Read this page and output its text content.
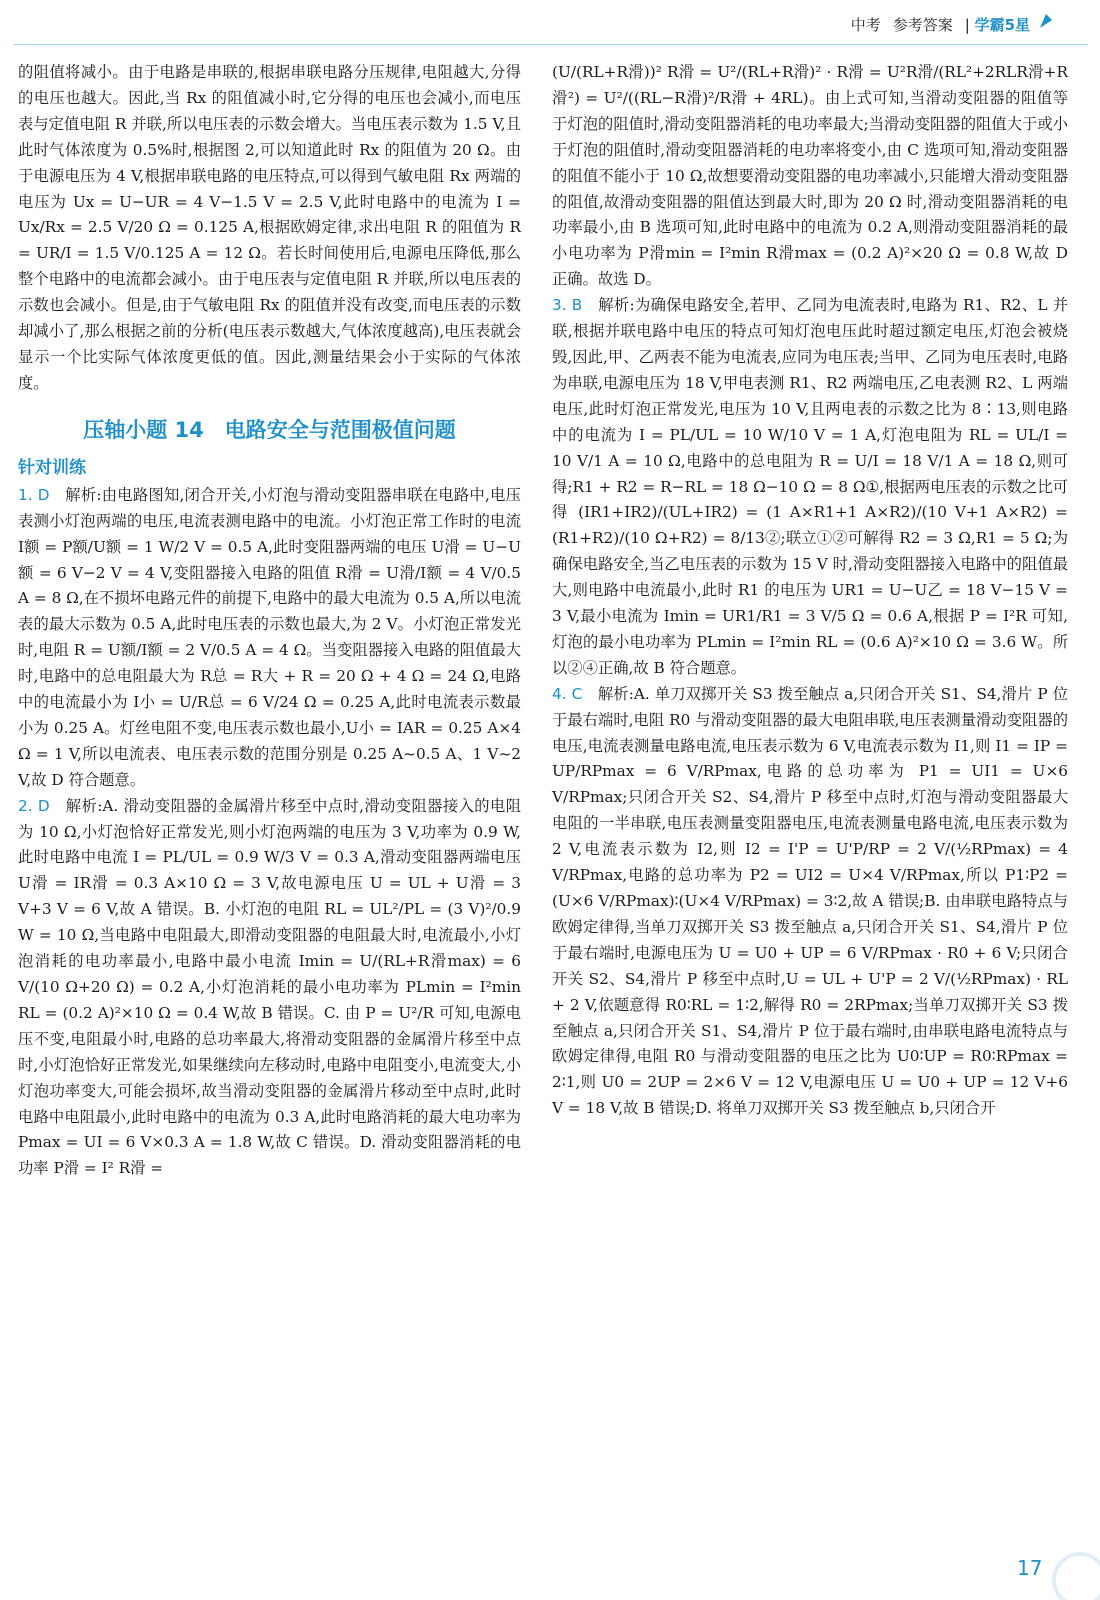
中考 参考答案 | 学霸5星

的阻值将减小。由于电路是串联的,根据串联电路分压规律,电阻越大,分得的电压也越大。因此,当 Rx 的阻值减小时,它分得的电压也会减小,而电压表与定值电阻 R 并联,所以电压表的示数会增大。当电压表示数为 1.5 V,且此时气体浓度为 0.5%时,根据图 2,可以知道此时 Rx 的阻值为 20 Ω。由于电源电压为 4 V,根据串联电路的电压特点,可以得到气敏电阻 Rx 两端的电压为 Ux = U−UR = 4 V−1.5 V = 2.5 V,此时电路中的电流为 I = Ux/Rx = 2.5 V/20 Ω = 0.125 A,根据欧姆定律,求出电阻 R 的阻值为 R = UR/I = 1.5 V/0.125 A = 12 Ω。若长时间使用后,电源电压降低,那么整个电路中的电流都会减小。由于电压表与定值电阻 R 并联,所以电压表的示数也会减小。但是,由于气敏电阻 Rx 的阻值并没有改变,而电压表的示数却减小了,那么根据之前的分析(电压表示数越大,气体浓度越高),电压表就会显示一个比实际气体浓度更低的值。因此,测量结果会小于实际的气体浓度。

压轴小题 14　电路安全与范围极值问题

针对训练

1. D　 解析:由电路图知,闭合开关,小灯泡与滑动变阻器串联在电路中,电压表测小灯泡两端的电压,电流表测电路中的电流。小灯泡正常工作时的电流 I额 = P额/U额 = 1 W/2 V = 0.5 A,此时变阻器两端的电压 U滑 = U−U额 = 6 V−2 V = 4 V,变阻器接入电路的阻值 R滑 = U滑/I额 = 4 V/0.5 A = 8 Ω,在不损坏电路元件的前提下,电路中的最大电流为 0.5 A,所以电流表的最大示数为 0.5 A,此时电压表的示数也最大,为 2 V。小灯泡正常发光时,电阻 R = U额/I额 = 2 V/0.5 A = 4 Ω。当变阻器接入电路的阻值最大时,电路中的总电阻最大为 R总 = R大 + R = 20 Ω + 4 Ω = 24 Ω,电路中的电流最小为 I小 = U/R总 = 6 V/24 Ω = 0.25 A,此时电流表示数最小为 0.25 A。灯丝电阻不变,电压表示数也最小,U小 = IAR = 0.25 A×4 Ω = 1 V,所以电流表、电压表示数的范围分别是 0.25 A~0.5 A、1 V~2 V,故 D 符合题意。

2. D　 解析:A. 滑动变阻器的金属滑片移至中点时,滑动变阻器接入的电阻为 10 Ω,小灯泡恰好正常发光,则小灯泡两端的电压为 3 V,功率为 0.9 W,此时电路中电流 I = PL/UL = 0.9 W/3 V = 0.3 A,滑动变阻器两端电压 U滑 = IR滑 = 0.3 A×10 Ω = 3 V,故电源电压 U = UL + U滑 = 3 V+3 V = 6 V,故 A 错误。B. 小灯泡的电阻 RL = UL²/PL = (3 V)²/0.9 W = 10 Ω,当电路中电阻最大,即滑动变阻器的电阻最大时,电流最小,小灯泡消耗的电功率最小,电路中最小电流 Imin = U/(RL+R滑max) = 6 V/(10 Ω+20 Ω) = 0.2 A,小灯泡消耗的最小电功率为 PLmin = I²min RL = (0.2 A)²×10 Ω = 0.4 W,故 B 错误。C. 由 P = U²/R 可知,电源电压不变,电阻最小时,电路的总功率最大,将滑动变阻器的金属滑片移至中点时,小灯泡恰好正常发光,如果继续向左移动时,电路中电阻变小,电流变大,小灯泡功率变大,可能会损坏,故当滑动变阻器的金属滑片移动至中点时,此时电路中电阻最小,此时电路中的电流为 0.3 A,此时电路消耗的最大电功率为 Pmax = UI = 6 V×0.3 A = 1.8 W,故 C 错误。D. 滑动变阻器消耗的电功率 P滑 = I² R滑 =

(U/(RL+R滑))² R滑 = U²/(RL+R滑)² · R滑 = U²R滑/(RL²+2RLR滑+R滑²) = U²/((RL−R滑)²/R滑 + 4RL)。由上式可知,当滑动变阻器的阻值等于灯泡的阻值时,滑动变阻器消耗的电功率最大;当滑动变阻器的阻值大于或小于灯泡的阻值时,滑动变阻器消耗的电功率将变小,由 C 选项可知,滑动变阻器的阻值不能小于 10 Ω,故想要滑动变阻器的电功率减小,只能增大滑动变阻器的阻值,故滑动变阻器的阻值达到最大时,即为 20 Ω 时,滑动变阻器消耗的电功率最小,由 B 选项可知,此时电路中的电流为 0.2 A,则滑动变阻器消耗的最小电功率为 P滑min = I²min R滑max = (0.2 A)²×20 Ω = 0.8 W,故 D 正确。故选 D。

3. B　 解析:为确保电路安全,若甲、乙同为电流表时,电路为 R1、R2、L 并联,根据并联电路中电压的特点可知灯泡电压此时超过额定电压,灯泡会被烧毁,因此,甲、乙两表不能为电流表,应同为电压表;当甲、乙同为电压表时,电路为串联,电源电压为 18 V,甲电表测 R1、R2 两端电压,乙电表测 R2、L 两端电压,此时灯泡正常发光,电压为 10 V,且两电表的示数之比为 8∶13,则电路中的电流为 I = PL/UL = 10 W/10 V = 1 A,灯泡电阻为 RL = UL/I = 10 V/1 A = 10 Ω,电路中的总电阻为 R = U/I = 18 V/1 A = 18 Ω,则可得;R1 + R2 = R−RL = 18 Ω−10 Ω = 8 Ω①,根据两电压表的示数之比可得 (IR1+IR2)/(UL+IR2) = (1 A×R1+1 A×R2)/(10 V+1 A×R2) = (R1+R2)/(10 Ω+R2) = 8/13②;联立①②可解得 R2 = 3 Ω,R1 = 5 Ω;为确保电路安全,当乙电压表的示数为 15 V 时,滑动变阻器接入电路中的阻值最大,则电路中电流最小,此时 R1 的电压为 UR1 = U−U乙 = 18 V−15 V = 3 V,最小电流为 Imin = UR1/R1 = 3 V/5 Ω = 0.6 A,根据 P = I²R 可知,灯泡的最小电功率为 PLmin = I²min RL = (0.6 A)²×10 Ω = 3.6 W。所以②④正确,故 B 符合题意。

4. C　 解析:A. 单刀双掷开关 S3 拨至触点 a,只闭合开关 S1、S4,滑片 P 位于最右端时,电阻 R0 与滑动变阻器的最大电阻串联,电压表测量滑动变阻器的电压,电流表测量电路电流,电压表示数为 6 V,电流表示数为 I1,则 I1 = IP = UP/RPmax = 6 V/RPmax,电路的总功率为 P1 = UI1 = U×6 V/RPmax;只闭合开关 S2、S4,滑片 P 移至中点时,灯泡与滑动变阻器最大电阻的一半串联,电压表测量变阻器电压,电流表测量电路电流,电压表示数为 2 V,电流表示数为 I2,则 I2 = I'P = U'P/RP = 2 V/(½RPmax) = 4 V/RPmax,电路的总功率为 P2 = UI2 = U×4 V/RPmax,所以 P1∶P2 = (U×6 V/RPmax)∶(U×4 V/RPmax) = 3∶2,故 A 错误;B. 由串联电路特点与欧姆定律得,当单刀双掷开关 S3 拨至触点 a,只闭合开关 S1、S4,滑片 P 位于最右端时,电源电压为 U = U0 + UP = 6 V/RPmax · R0 + 6 V;只闭合开关 S2、S4,滑片 P 移至中点时,U = UL + U'P = 2 V/(½RPmax) · RL + 2 V,依题意得 R0∶RL = 1∶2,解得 R0 = 2RPmax;当单刀双掷开关 S3 拨至触点 a,只闭合开关 S1、S4,滑片 P 位于最右端时,由串联电路电流特点与欧姆定律得,电阻 R0 与滑动变阻器的电压之比为 U0∶UP = R0∶RPmax = 2∶1,则 U0 = 2UP = 2×6 V = 12 V,电源电压 U = U0 + UP = 12 V+6 V = 18 V,故 B 错误;D. 将单刀双掷开关 S3 拨至触点 b,只闭合开

17
